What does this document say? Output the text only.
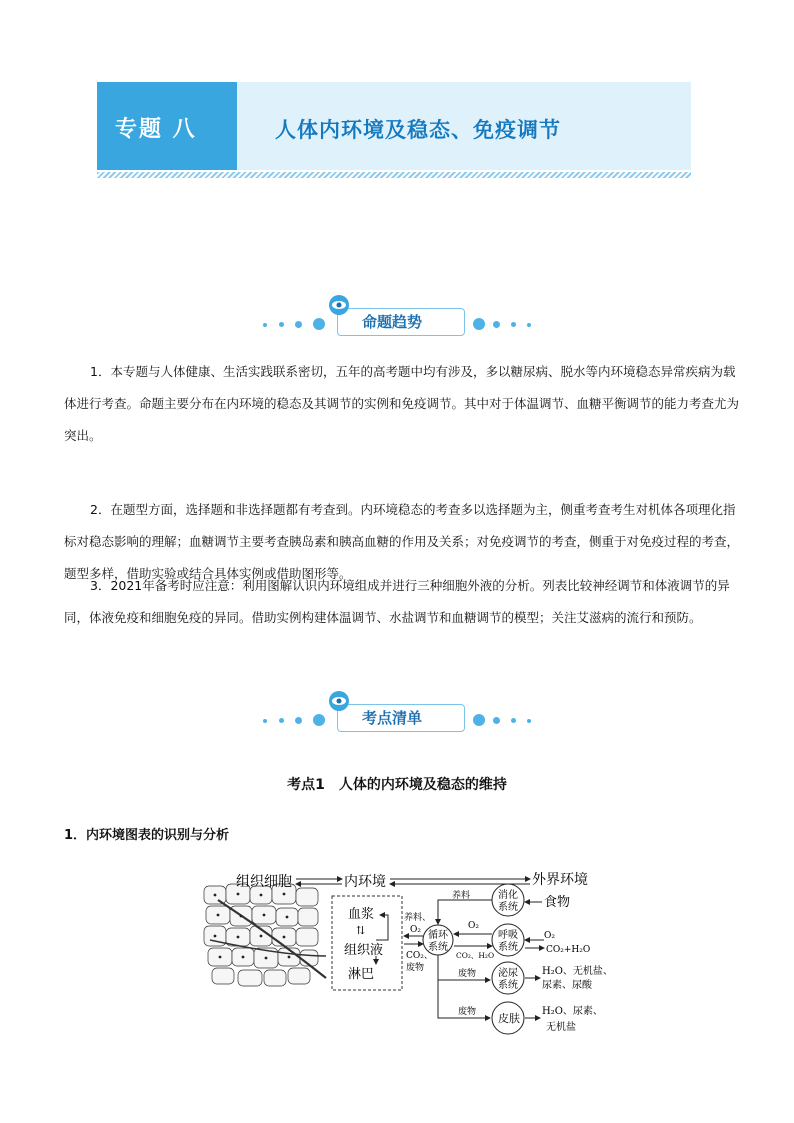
专题 八	人体内环境及稳态、免疫调节
命题趋势

1．本专题与人体健康、生活实践联系密切，五年的高考题中均有涉及，多以糖尿病、脱水等内环境稳态异常疾病为载体进行考查。命题主要分布在内环境的稳态及其调节的实例和免疫调节。其中对于体温调节、血糖平衡调节的能力考查尤为突出。

2．在题型方面，选择题和非选择题都有考查到。内环境稳态的考查多以选择题为主，侧重考查考生对机体各项理化指标对稳态影响的理解；血糖调节主要考查胰岛素和胰高血糖的作用及关系；对免疫调节的考查，侧重于对免疫过程的考查，题型多样，借助实验或结合具体实例或借助图形等。

3．2021年备考时应注意：利用图解认识内环境组成并进行三种细胞外液的分析。列表比较神经调节和体液调节的异同，体液免疫和细胞免疫的异同。借助实例构建体温调节、水盐调节和血糖调节的模型；关注艾滋病的流行和预防。

考点清单
考点1　人体的内环境及稳态的维持
1．内环境图表的识别与分析
组织细胞	内环境	外界环境
血浆
⇅
组织液
淋巴
循环
系统
养料、
O₂
CO₂、
废物
消化
系统
养料	食物
呼吸
系统
O₂
CO₂、H₂O
O₂
CO₂+H₂O
泌尿
系统
废物	H₂O、无机盐、
尿素、尿酸
皮肤
废物	H₂O、尿素、
无机盐
